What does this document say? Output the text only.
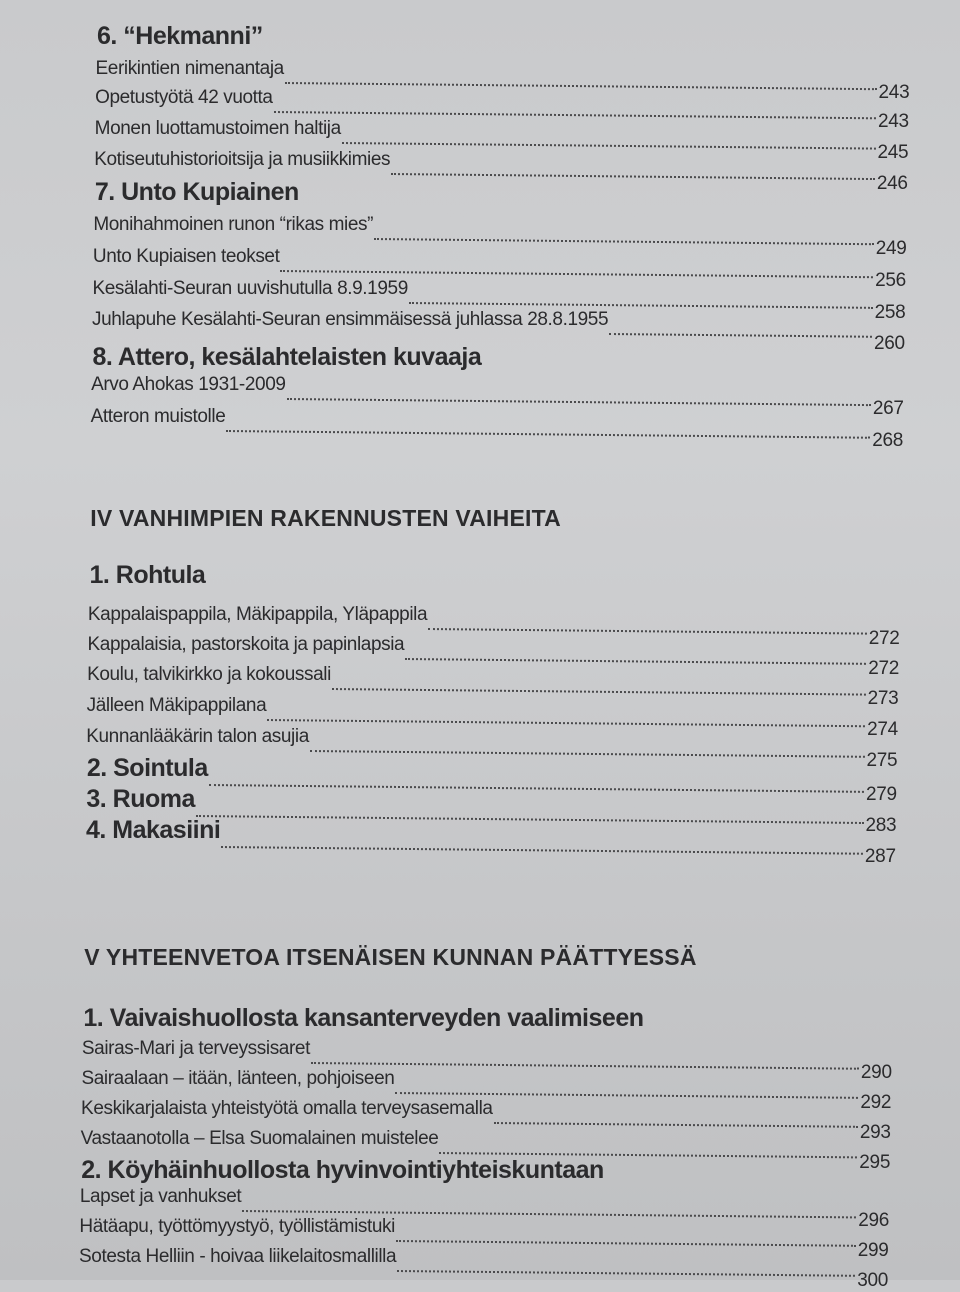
6. “Hekmanni”
Eerikintien nimenantaja
243
Opetustyötä 42 vuotta
243
Monen luottamustoimen haltija
245
Kotiseutuhistorioitsija ja musiikkimies
246
7. Unto Kupiainen
Monihahmoinen runon “rikas mies”
249
Unto Kupiaisen teokset
256
Kesälahti-Seuran uuvishutulla 8.9.1959
258
Juhlapuhe Kesälahti-Seuran ensimmäisessä juhlassa 28.8.1955
260
8. Attero, kesälahtelaisten kuvaaja
Arvo Ahokas 1931-2009
267
Atteron muistolle
268
IV VANHIMPIEN RAKENNUSTEN VAIHEITA
1. Rohtula
Kappalaispappila, Mäkipappila, Yläpappila
272
Kappalaisia, pastorskoita ja papinlapsia
272
Koulu, talvikirkko ja kokoussali
273
Jälleen Mäkipappilana
274
Kunnanlääkärin talon asujia
275
2. Sointula
279
3. Ruoma
283
4. Makasiini
287
V YHTEENVETOA ITSENÄISEN KUNNAN PÄÄTTYESSÄ
1. Vaivaishuollosta kansanterveyden vaalimiseen
Sairas-Mari ja terveyssisaret
290
Sairaalaan – itään, länteen, pohjoiseen
292
Keskikarjalaista yhteistyötä omalla terveysasemalla
293
Vastaanotolla – Elsa Suomalainen muistelee
295
2. Köyhäinhuollosta hyvinvointiyhteiskuntaan
Lapset ja vanhukset
296
Hätäapu, työttömyystyö, työllistämistuki
299
Sotesta Helliin - hoivaa liikelaitosmallilla
300
